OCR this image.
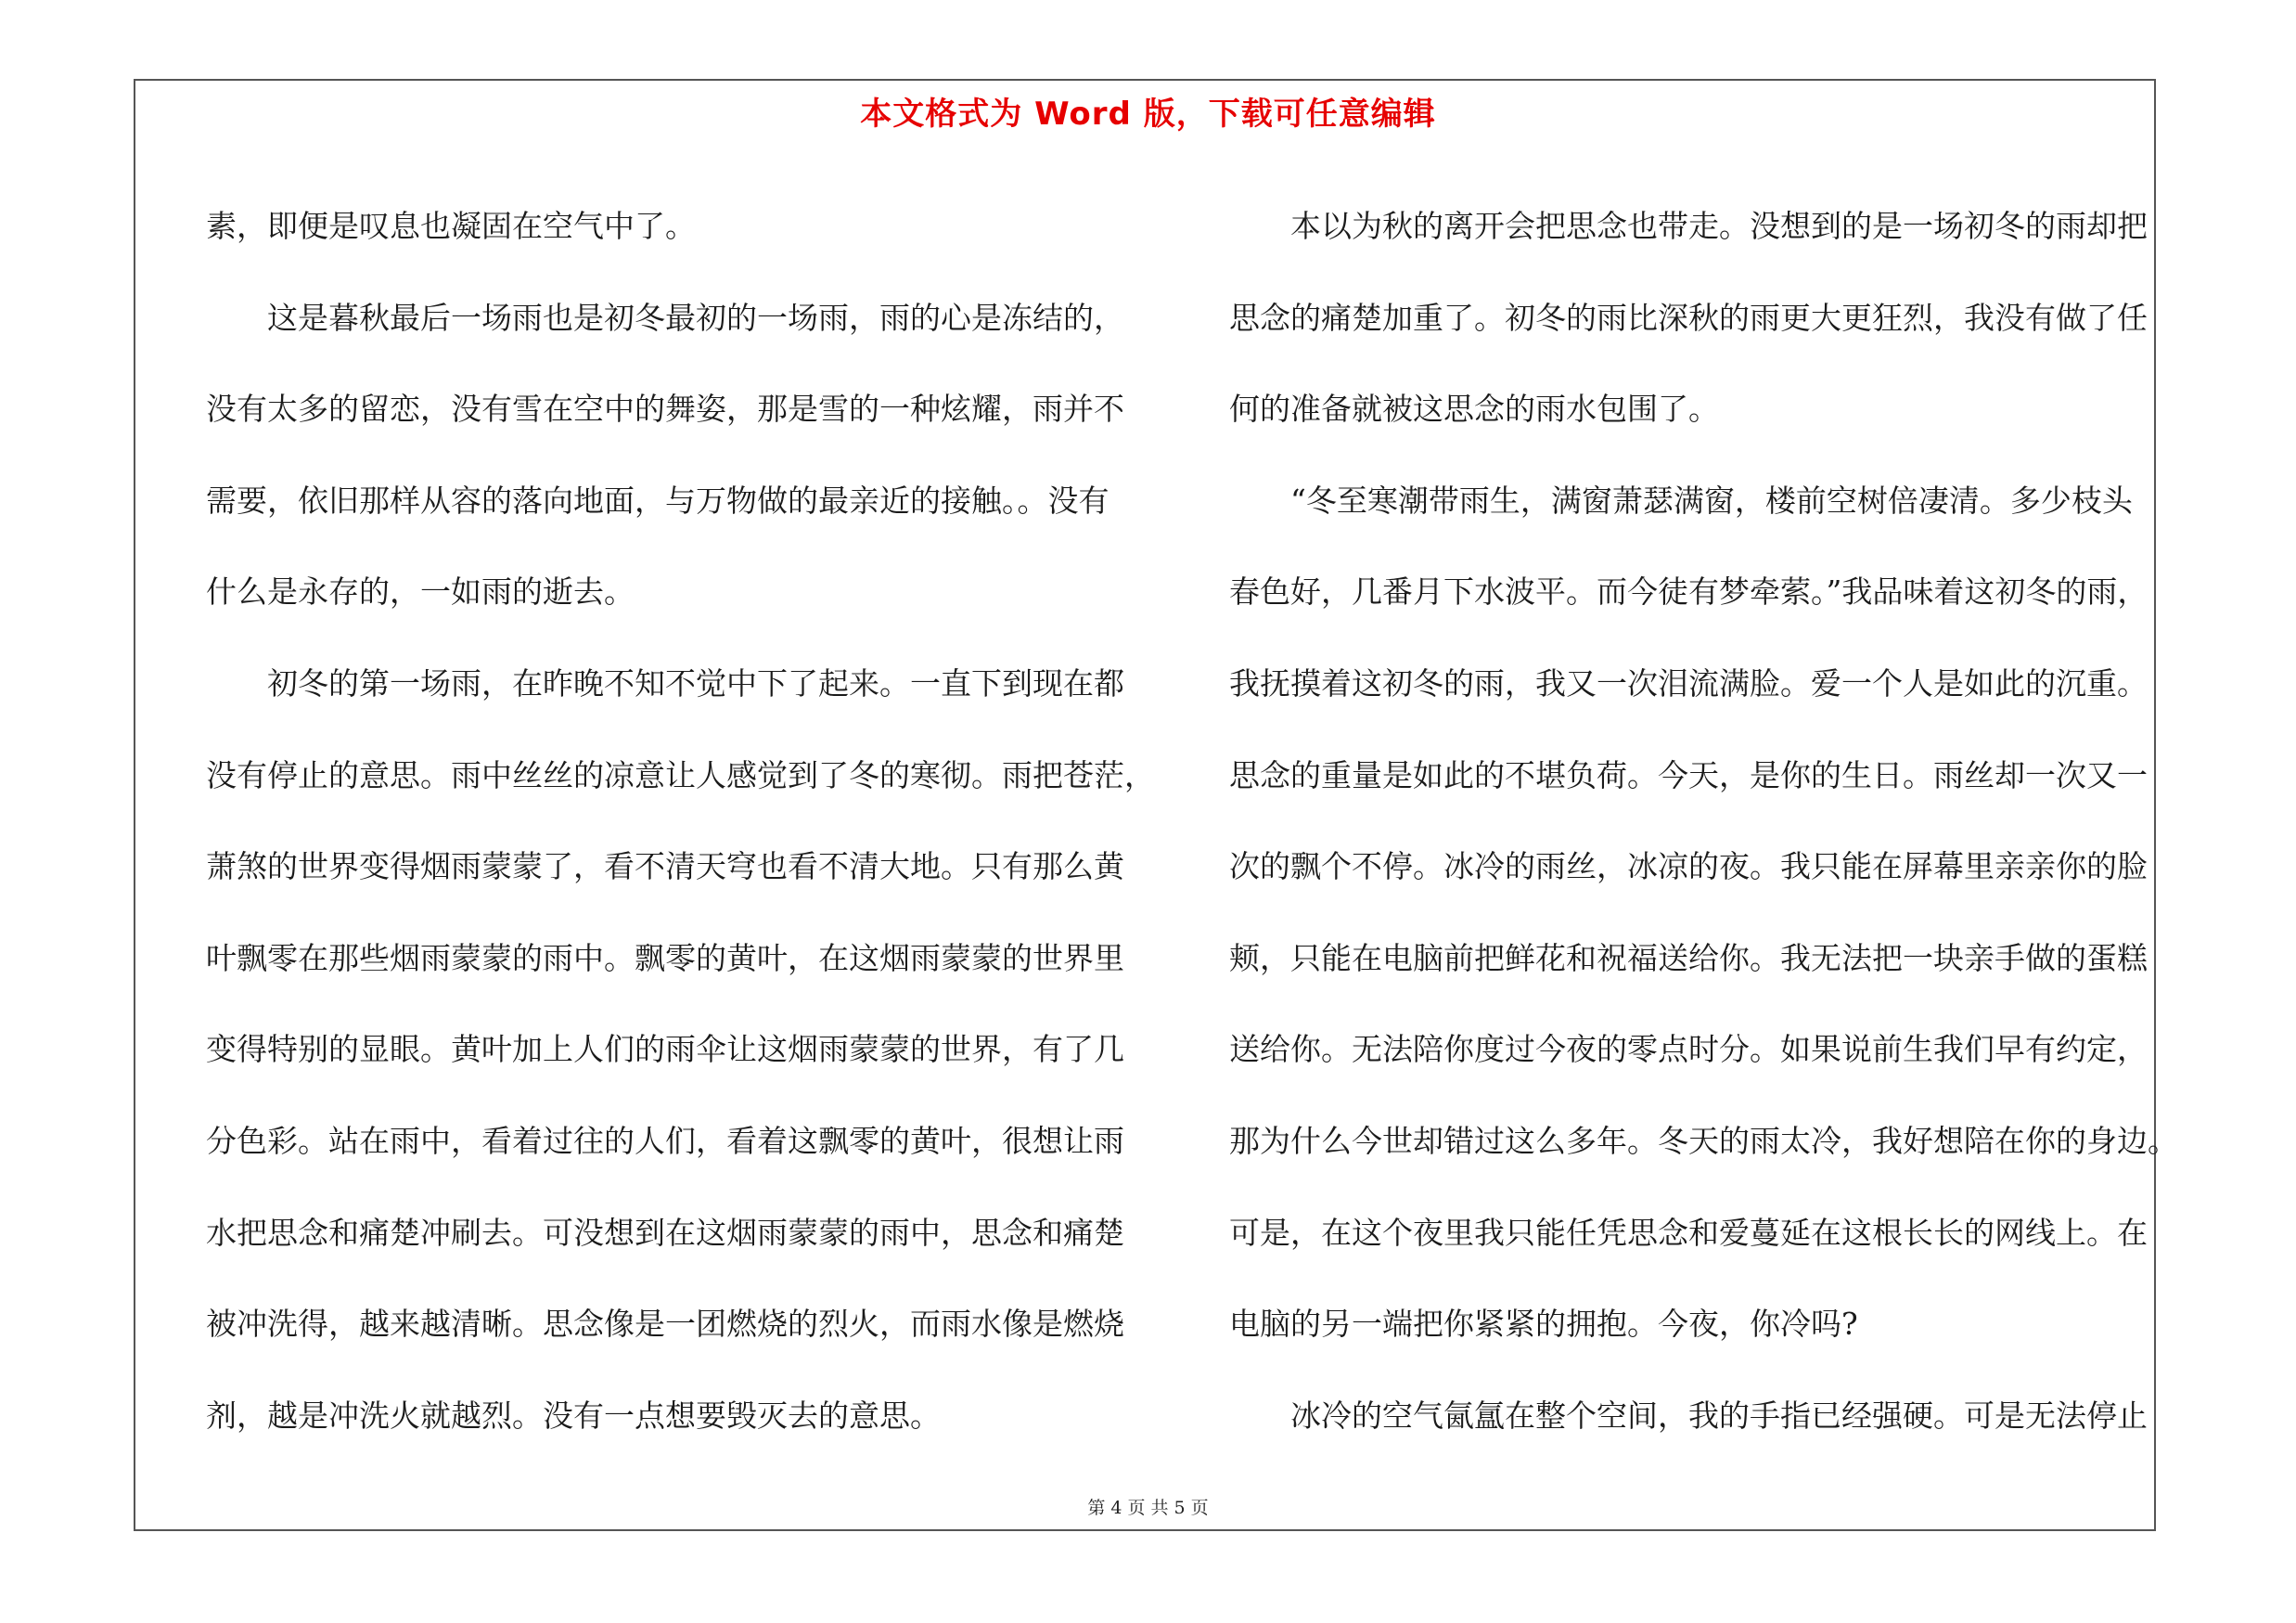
本文格式为 Word 版，下载可任意编辑
素，即便是叹息也凝固在空气中了。
这是暮秋最后一场雨也是初冬最初的一场雨，雨的心是冻结的，
没有太多的留恋，没有雪在空中的舞姿，那是雪的一种炫耀，雨并不
需要，依旧那样从容的落向地面，与万物做的最亲近的接触。。没有
什么是永存的，一如雨的逝去。
初冬的第一场雨，在昨晚不知不觉中下了起来。一直下到现在都
没有停止的意思。雨中丝丝的凉意让人感觉到了冬的寒彻。雨把苍茫，
萧煞的世界变得烟雨蒙蒙了，看不清天穹也看不清大地。只有那么黄
叶飘零在那些烟雨蒙蒙的雨中。飘零的黄叶，在这烟雨蒙蒙的世界里
变得特别的显眼。黄叶加上人们的雨伞让这烟雨蒙蒙的世界，有了几
分色彩。站在雨中，看着过往的人们，看着这飘零的黄叶，很想让雨
水把思念和痛楚冲刷去。可没想到在这烟雨蒙蒙的雨中，思念和痛楚
被冲洗得，越来越清晰。思念像是一团燃烧的烈火，而雨水像是燃烧
剂，越是冲洗火就越烈。没有一点想要毁灭去的意思。
本以为秋的离开会把思念也带走。没想到的是一场初冬的雨却把
思念的痛楚加重了。初冬的雨比深秋的雨更大更狂烈，我没有做了任
何的准备就被这思念的雨水包围了。
“冬至寒潮带雨生，满窗萧瑟满窗，楼前空树倍凄清。多少枝头
春色好，几番月下水波平。而今徒有梦牵萦。”我品味着这初冬的雨，
我抚摸着这初冬的雨，我又一次泪流满脸。爱一个人是如此的沉重。
思念的重量是如此的不堪负荷。今天，是你的生日。雨丝却一次又一
次的飘个不停。冰冷的雨丝，冰凉的夜。我只能在屏幕里亲亲你的脸
颊，只能在电脑前把鲜花和祝福送给你。我无法把一块亲手做的蛋糕
送给你。无法陪你度过今夜的零点时分。如果说前生我们早有约定，
那为什么今世却错过这么多年。冬天的雨太冷，我好想陪在你的身边。
可是，在这个夜里我只能任凭思念和爱蔓延在这根长长的网线上。在
电脑的另一端把你紧紧的拥抱。今夜，你冷吗?
冰冷的空气氤氲在整个空间，我的手指已经强硬。可是无法停止
第 4 页 共 5 页
